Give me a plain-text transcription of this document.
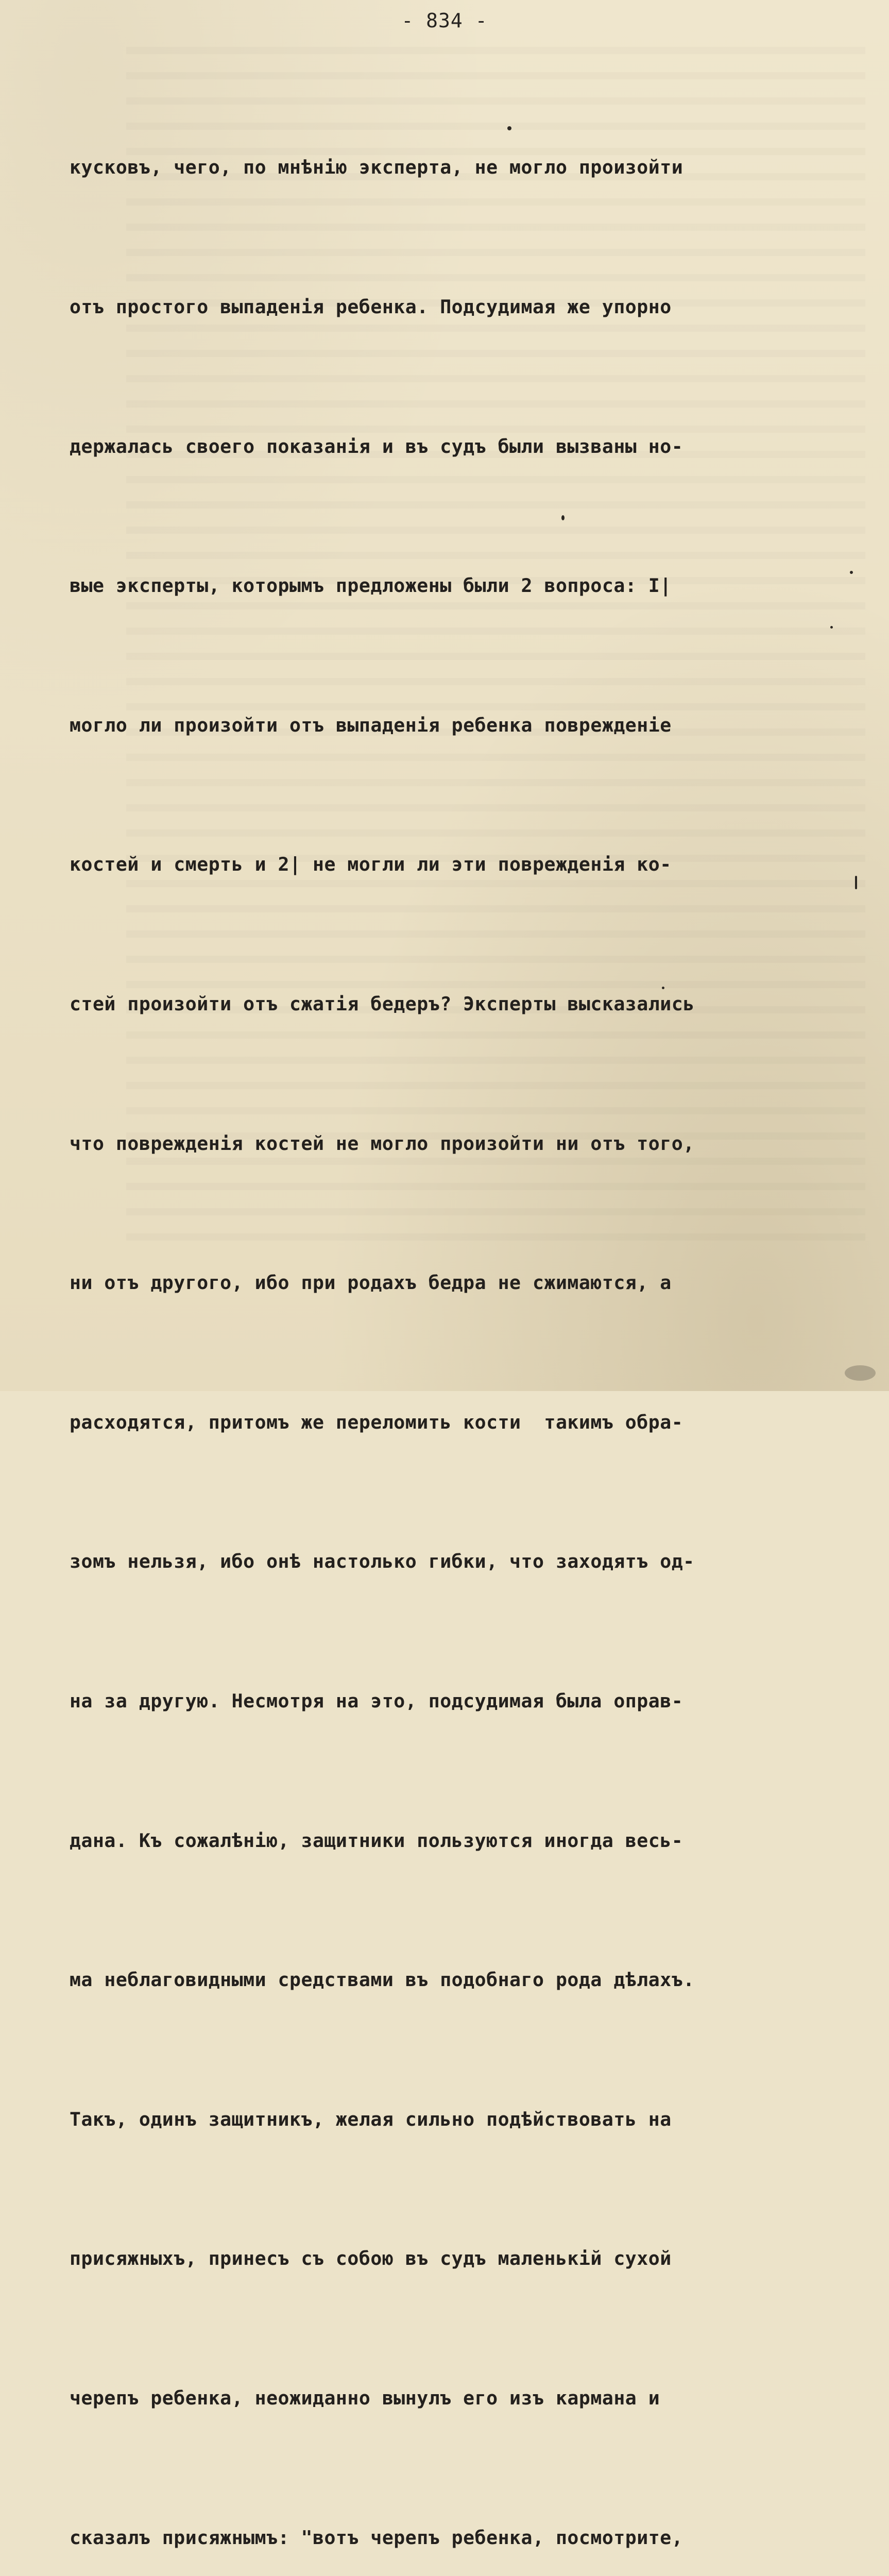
- 834 -

кусковъ, чего, по мнѣнію эксперта, не могло произойти

отъ простого выпаденія ребенка. Подсудимая же упорно

держалась своего показанія и въ судъ были вызваны но-

вые эксперты, которымъ предложены были 2 вопроса: I|

могло ли произойти отъ выпаденія ребенка поврежденіе

костей и смерть и 2| не могли ли эти поврежденія ко-

стей произойти отъ сжатія бедеръ? Эксперты высказались

что поврежденія костей не могло произойти ни отъ того,

ни отъ другого, ибо при родахъ бедра не сжимаются, а

расходятся, притомъ же переломить кости  такимъ обра-

зомъ нельзя, ибо онѣ настолько гибки, что заходятъ од-

на за другую. Несмотря на это, подсудимая была оправ-

дана. Къ сожалѣнію, защитники пользуются иногда весь-

ма неблаговидными средствами въ подобнаго рода дѣлахъ.

Такъ, одинъ защитникъ, желая сильно подѣйствовать на

присяжныхъ, принесъ съ собою въ судъ маленькій сухой

черепъ ребенка, неожиданно вынулъ его изъ кармана и

сказалъ присяжнымъ: "вотъ черепъ ребенка, посмотрите,
